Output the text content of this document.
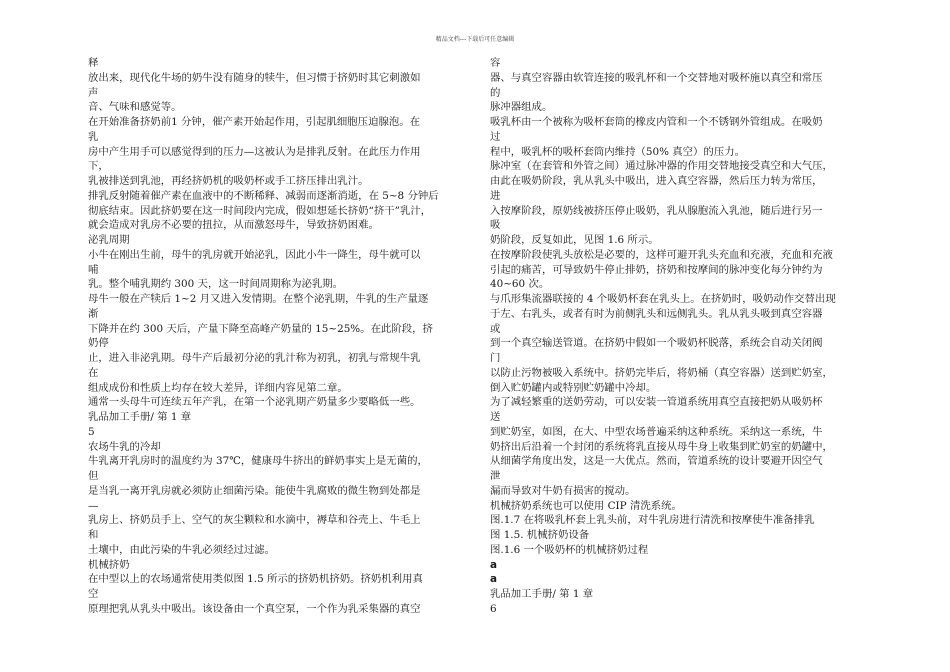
精品文档---下载后可任意编辑
释
放出来，现代化牛场的奶牛没有随身的犊牛，但习惯于挤奶时其它刺激如
声
音、气味和感觉等。
在开始准备挤奶前1 分钟，催产素开始起作用，引起肌细胞压迫腺泡。在
乳
房中产生用手可以感觉得到的压力—这被认为是排乳反射。在此压力作用
下，
乳被排送到乳池，再经挤奶机的吸奶杯或手工挤压排出乳汁。
排乳反射随着催产素在血液中的不断稀释、减弱而逐渐消逝，在 5~8 分钟后
彻底结束。因此挤奶要在这一时间段内完成，假如想延长挤奶“挤干”乳汁，
就会造成对乳房不必要的扭拉，从而激怒母牛，导致挤奶困难。
泌乳周期
小牛在刚出生前，母牛的乳房就开始泌乳，因此小牛一降生，母牛就可以
哺
乳。整个哺乳期约 300 天，这一时间周期称为泌乳期。
母牛一般在产犊后 1~2 月又进入发情期。在整个泌乳期，牛乳的生产量逐
渐
下降并在约 300 天后，产量下降至高峰产奶量的 15~25%。在此阶段，挤
奶停
止，进入非泌乳期。母牛产后最初分泌的乳汁称为初乳，初乳与常规牛乳
在
组成成份和性质上均存在较大差异，详细内容见第二章。
通常一头母牛可连续五年产乳，在第一个泌乳期产奶量多少要略低一些。
乳品加工手册/ 第 1 章
5
农场牛乳的冷却
牛乳离开乳房时的温度约为 37℃，健康母牛挤出的鲜奶事实上是无菌的，
但
是当乳一离开乳房就必须防止细菌污染。能使牛乳腐败的微生物到处都是
—
乳房上、挤奶员手上、空气的灰尘颗粒和水滴中，褥草和谷壳上、牛毛上
和
土壤中，由此污染的牛乳必须经过过滤。
机械挤奶
在中型以上的农场通常使用类似图 1.5 所示的挤奶机挤奶。挤奶机利用真
空
原理把乳从乳头中吸出。该设备由一个真空泵，一个作为乳采集器的真空
容
器、与真空容器由软管连接的吸乳杯和一个交替地对吸杯施以真空和常压
的
脉冲器组成。
吸乳杯由一个被称为吸杯套筒的橡皮内管和一个不锈钢外管组成。在吸奶
过
程中，吸乳杯的吸杯套筒内维持（50% 真空）的压力。
脉冲室（在套管和外管之间）通过脉冲器的作用交替地接受真空和大气压，
由此在吸奶阶段，乳从乳头中吸出，进入真空容器，然后压力转为常压，
进
入按摩阶段，原奶线被挤压停止吸奶，乳从腺胞流入乳池，随后进行另一
吸
奶阶段，反复如此，见图 1.6 所示。
在按摩阶段使乳头放松是必要的，这样可避开乳头充血和充液，充血和充液
引起的痛苦，可导致奶牛停止排奶，挤奶和按摩间的脉冲变化每分钟约为
40~60 次。
与爪形集流器联接的 4 个吸奶杯套在乳头上。在挤奶时，吸奶动作交替出现
于左、右乳头，或者有时为前侧乳头和远侧乳头。乳从乳头吸到真空容器
或
到一个真空输送管道。在挤奶中假如一个吸奶杯脱落，系统会自动关闭阀
门
以防止污物被吸入系统中。挤奶完毕后，将奶桶（真空容器）送到贮奶室，
倒入贮奶罐内或特别贮奶罐中冷却。
为了减轻繁重的送奶劳动，可以安装一管道系统用真空直接把奶从吸奶杯
送
到贮奶室，如图，在大、中型农场普遍采纳这种系统。采纳这一系统，牛
奶挤出后沿着一个封闭的系统将乳直接从母牛身上收集到贮奶室的奶罐中，
从细菌学角度出发，这是一大优点。然而，管道系统的设计要避开因空气
泄
漏而导致对牛奶有损害的搅动。
机械挤奶系统也可以使用 CIP 清洗系统。
图.1.7 在将吸乳杯套上乳头前，对牛乳房进行清洗和按摩使牛准备排乳
图 1.5. 机械挤奶设备
图.1.6 一个吸奶杯的机械挤奶过程
a
a
乳品加工手册/ 第 1 章
6
